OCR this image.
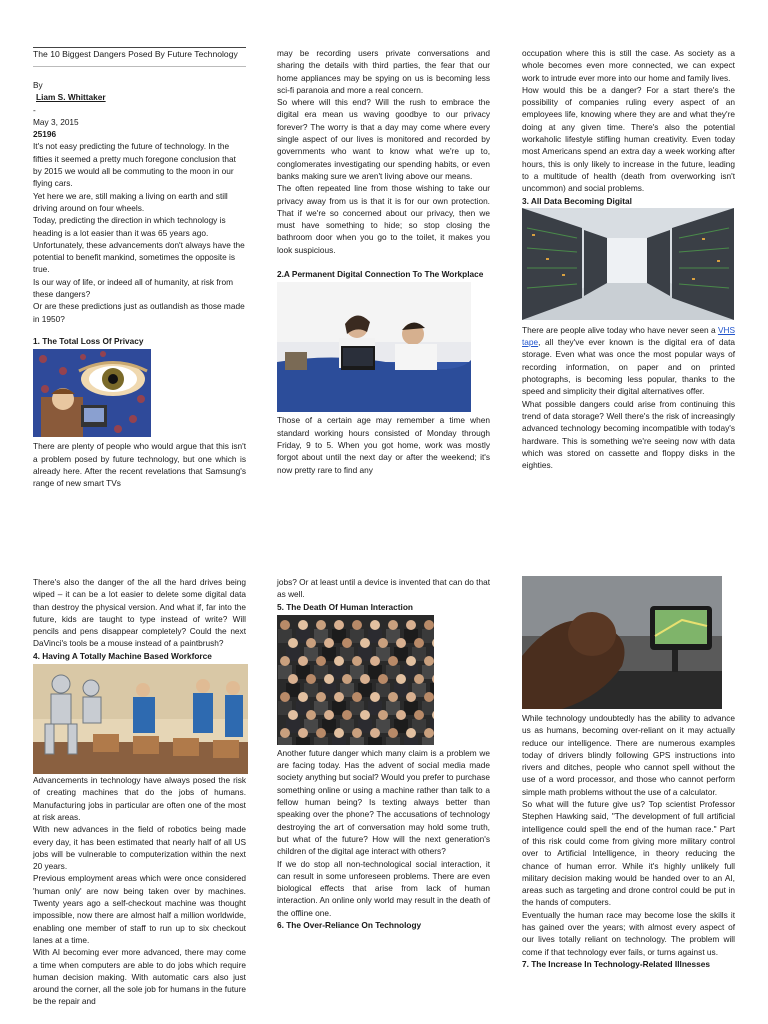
The 10 Biggest Dangers Posed By Future Technology

By

Liam S. Whittaker

-

May 3, 2015

25196

It's not easy predicting the future of technology. In the fifties it seemed a pretty much foregone conclusion that by 2015 we would all be commuting to the moon in our flying cars.

Yet here we are, still making a living on earth and still driving around on four wheels.

Today, predicting the direction in which technology is heading is a lot easier than it was 65 years ago.

Unfortunately, these advancements don't always have the potential to benefit mankind, sometimes the opposite is true.

Is our way of life, or indeed all of humanity, at risk from these dangers?

Or are these predictions just as outlandish as those made in 1950?

1. The Total Loss Of Privacy

There are plenty of people who would argue that this isn't a problem posed by future technology, but one which is already here. After the recent revelations that Samsung's range of new smart TVs

may be recording users private conversations and sharing the details with third parties, the fear that our home appliances may be spying on us is becoming less sci-fi paranoia and more a real concern.

So where will this end? Will the rush to embrace the digital era mean us waving goodbye to our privacy forever? The worry is that a day may come where every single aspect of our lives is monitored and recorded by governments who want to know what we're up to, conglomerates investigating our spending habits, or even banks making sure we aren't living above our means.

The often repeated line from those wishing to take our privacy away from us is that it is for our own protection. That if we're so concerned about our privacy, then we must have something to hide; so stop closing the bathroom door when you go to the toilet, it makes you look suspicious.

2.A Permanent Digital Connection To The Workplace

Those of a certain age may remember a time when standard working hours consisted of Monday through Friday, 9 to 5. When you got home, work was mostly forgot about until the next day or after the weekend; it's now pretty rare to find any

occupation where this is still the case. As society as a whole becomes even more connected, we can expect work to intrude ever more into our home and family lives.

How would this be a danger? For a start there's the possibility of companies ruling every aspect of an employees life, knowing where they are and what they're doing at any given time. There's also the potential workaholic lifestyle stifling human creativity. Even today most Americans spend an extra day a week working after hours, this is only likely to increase in the future, leading to a multitude of health (death from overworking isn't uncommon) and social problems.

3. All Data Becoming Digital

There are people alive today who have never seen a VHS tape, all they've ever known is the digital era of data storage. Even what was once the most popular ways of recording information, on paper and on printed photographs, is becoming less popular, thanks to the speed and simplicity their digital alternatives offer.

What possible dangers could arise from continuing this trend of data storage? Well there's the risk of increasingly advanced technology becoming incompatible with today's hardware. This is something we're seeing now with data which was stored on cassette and floppy disks in the eighties.

There's also the danger of the all the hard drives being wiped – it can be a lot easier to delete some digital data than destroy the physical version. And what if, far into the future, kids are taught to type instead of write? Will pencils and pens disappear completely? Could the next DaVinci's tools be a mouse instead of a paintbrush?

4. Having A Totally Machine Based Workforce

Advancements in technology have always posed the risk of creating machines that do the jobs of humans. Manufacturing jobs in particular are often one of the most at risk areas.

With new advances in the field of robotics being made every day, it has been estimated that nearly half of all US jobs will be vulnerable to computerization within the next 20 years.

Previous employment areas which were once considered 'human only' are now being taken over by machines. Twenty years ago a self-checkout machine was thought impossible, now there are almost half a million worldwide, enabling one member of staff to run up to six checkout lanes at a time.

With AI becoming ever more advanced, there may come a time when computers are able to do jobs which require human decision making. With automatic cars also just around the corner, all the sole job for humans in the future be the repair and

jobs? Or at least until a device is invented that can do that as well.

5. The Death Of Human Interaction

Another future danger which many claim is a problem we are facing today. Has the advent of social media made society anything but social? Would you prefer to purchase something online or using a machine rather than talk to a fellow human being? Is texting always better than speaking over the phone? The accusations of technology destroying the art of conversation may hold some truth, but what of the future? How will the next generation's children of the digital age interact with others?

If we do stop all non-technological social interaction, it can result in some unforeseen problems. There are even biological effects that arise from lack of human interaction. An online only world may result in the death of the offline one.

6. The Over-Reliance On Technology

While technology undoubtedly has the ability to advance us as humans, becoming over-reliant on it may actually reduce our intelligence. There are numerous examples today of drivers blindly following GPS instructions into rivers and ditches, people who cannot spell without the use of a word processor, and those who cannot perform simple math problems without the use of a calculator.

So what will the future give us? Top scientist Professor Stephen Hawking said, "The development of full artificial intelligence could spell the end of the human race." Part of this risk could come from giving more military control over to Artificial Intelligence, in theory reducing the chance of human error. While it's highly unlikely full military decision making would be handed over to an AI, areas such as targeting and drone control could be put in the hands of computers.

Eventually the human race may become lose the skills it has gained over the years; with almost every aspect of our lives totally reliant on technology. The problem will come if that technology ever fails, or turns against us.

7. The Increase In Technology-Related Illnesses
